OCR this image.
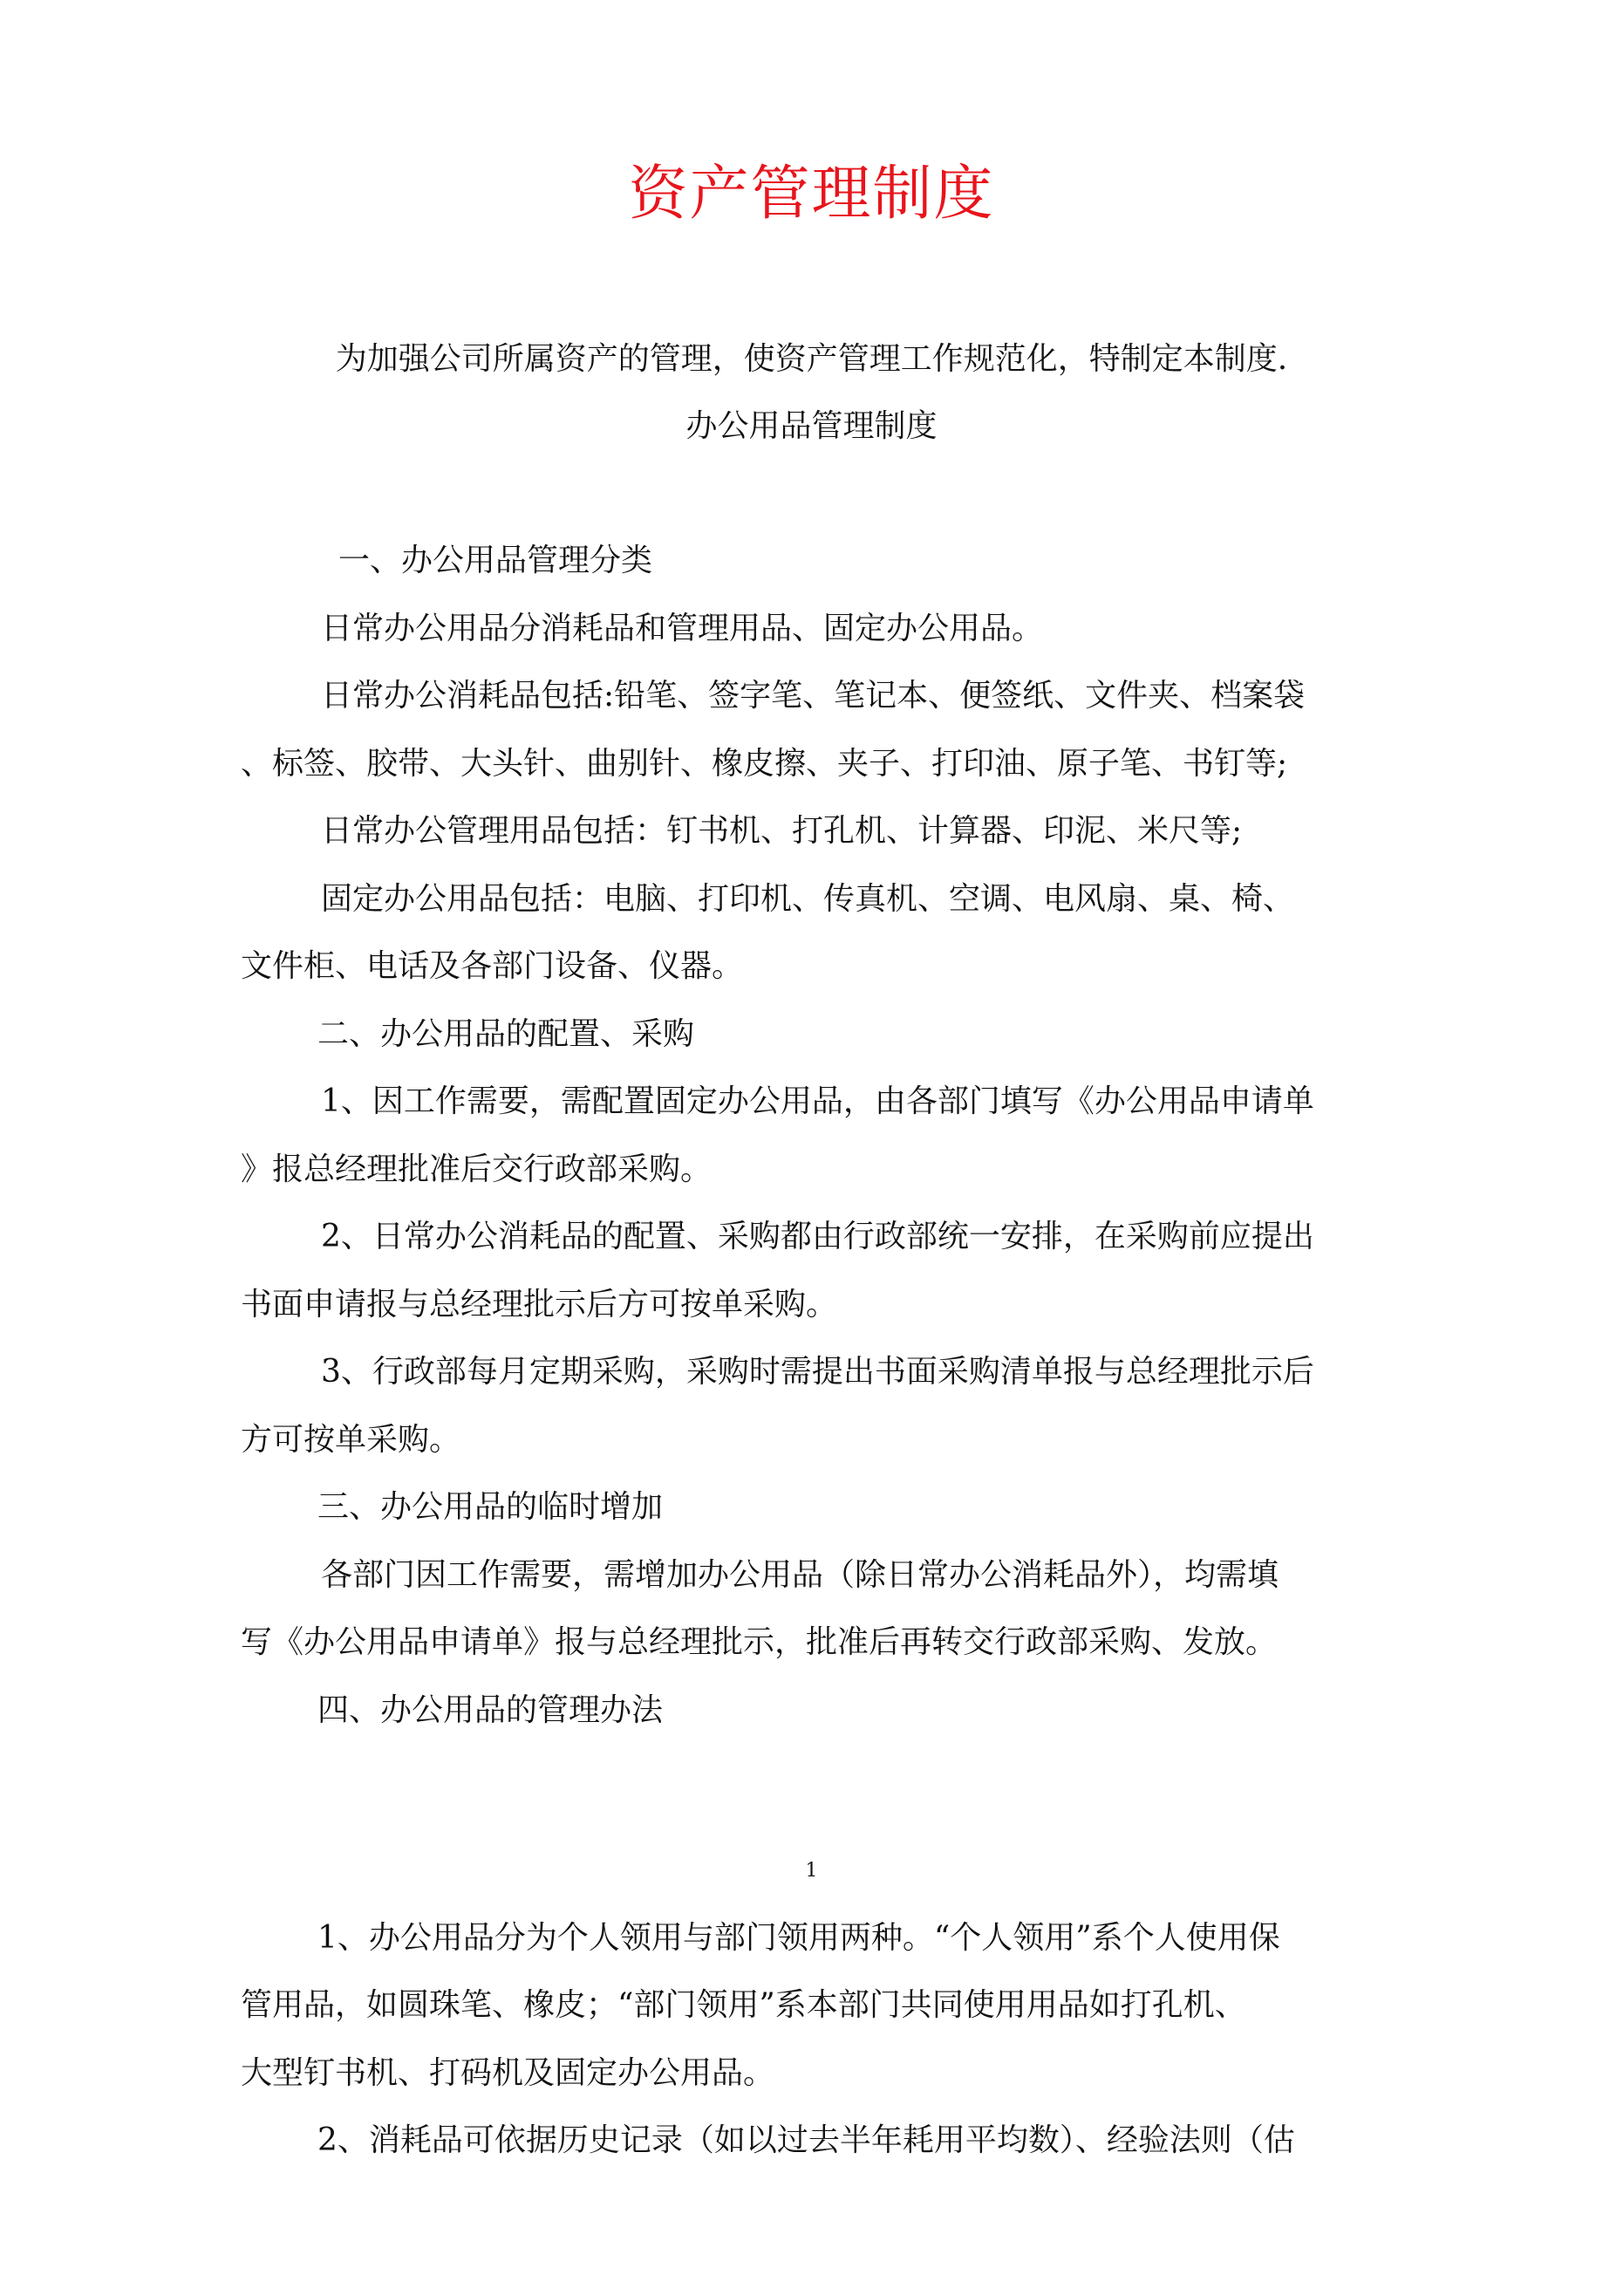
资产管理制度
为加强公司所属资产的管理，使资产管理工作规范化，特制定本制度.
办公用品管理制度
一、办公用品管理分类
日常办公用品分消耗品和管理用品、固定办公用品。
日常办公消耗品包括:铅笔、签字笔、笔记本、便签纸、文件夹、档案袋
、标签、胶带、大头针、曲别针、橡皮擦、夹子、打印油、原子笔、书钉等;
日常办公管理用品包括：钉书机、打孔机、计算器、印泥、米尺等;
固定办公用品包括：电脑、打印机、传真机、空调、电风扇、桌、椅、
文件柜、电话及各部门设备、仪器。
二、办公用品的配置、采购
1、因工作需要，需配置固定办公用品，由各部门填写《办公用品申请单
》报总经理批准后交行政部采购。
2、日常办公消耗品的配置、采购都由行政部统一安排，在采购前应提出
书面申请报与总经理批示后方可按单采购。
3、行政部每月定期采购，采购时需提出书面采购清单报与总经理批示后
方可按单采购。
三、办公用品的临时增加
各部门因工作需要，需增加办公用品（除日常办公消耗品外），均需填
写《办公用品申请单》报与总经理批示，批准后再转交行政部采购、发放。
四、办公用品的管理办法
1
1、办公用品分为个人领用与部门领用两种。“个人领用”系个人使用保
管用品，如圆珠笔、橡皮；“部门领用”系本部门共同使用用品如打孔机、
大型钉书机、打码机及固定办公用品。
2、消耗品可依据历史记录（如以过去半年耗用平均数）、经验法则（估
